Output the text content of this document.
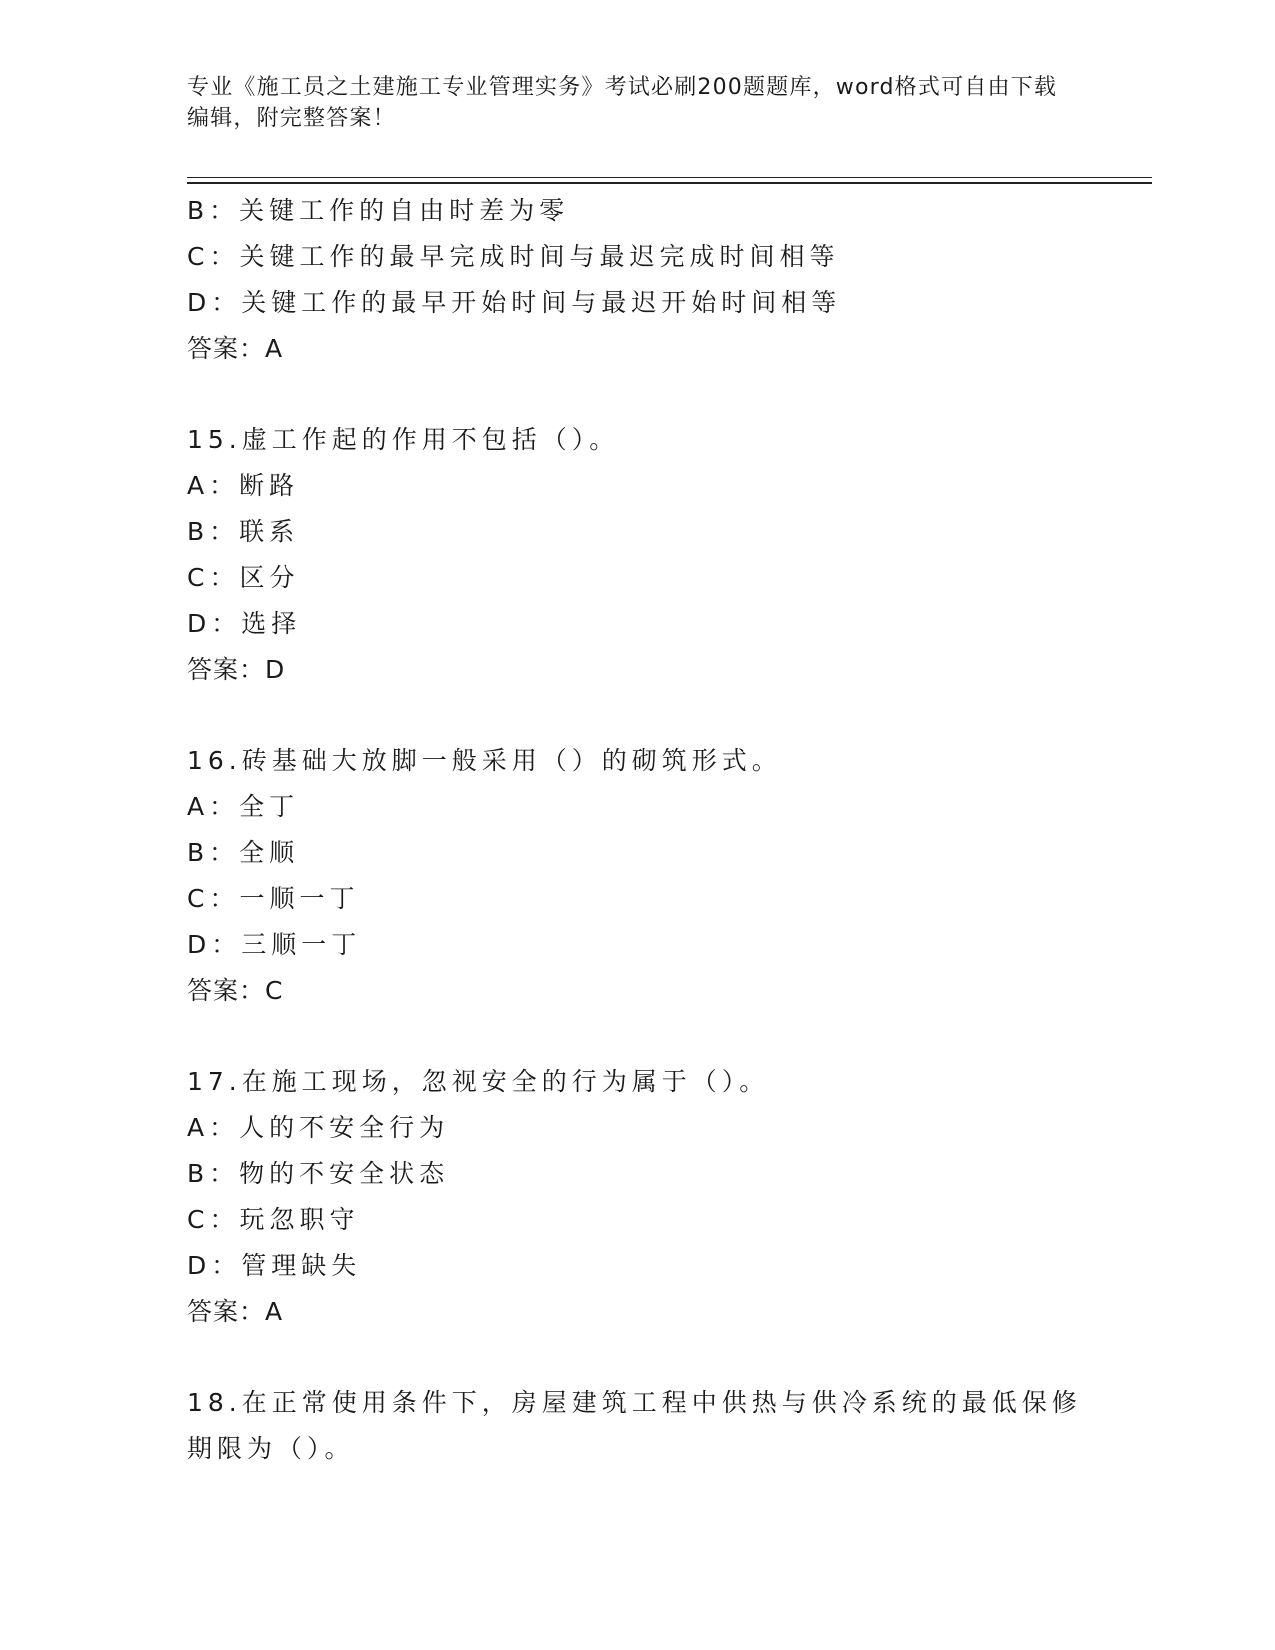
专业《施工员之土建施工专业管理实务》考试必刷200题题库，word格式可自由下载编辑，附完整答案！
B：关键工作的自由时差为零
C：关键工作的最早完成时间与最迟完成时间相等
D：关键工作的最早开始时间与最迟开始时间相等
答案：A
15.虚工作起的作用不包括（）。
A：断路
B：联系
C：区分
D：选择
答案：D
16.砖基础大放脚一般采用（）的砌筑形式。
A：全丁
B：全顺
C：一顺一丁
D：三顺一丁
答案：C
17.在施工现场，忽视安全的行为属于（）。
A：人的不安全行为
B：物的不安全状态
C：玩忽职守
D：管理缺失
答案：A
18.在正常使用条件下，房屋建筑工程中供热与供冷系统的最低保修期限为（）。
